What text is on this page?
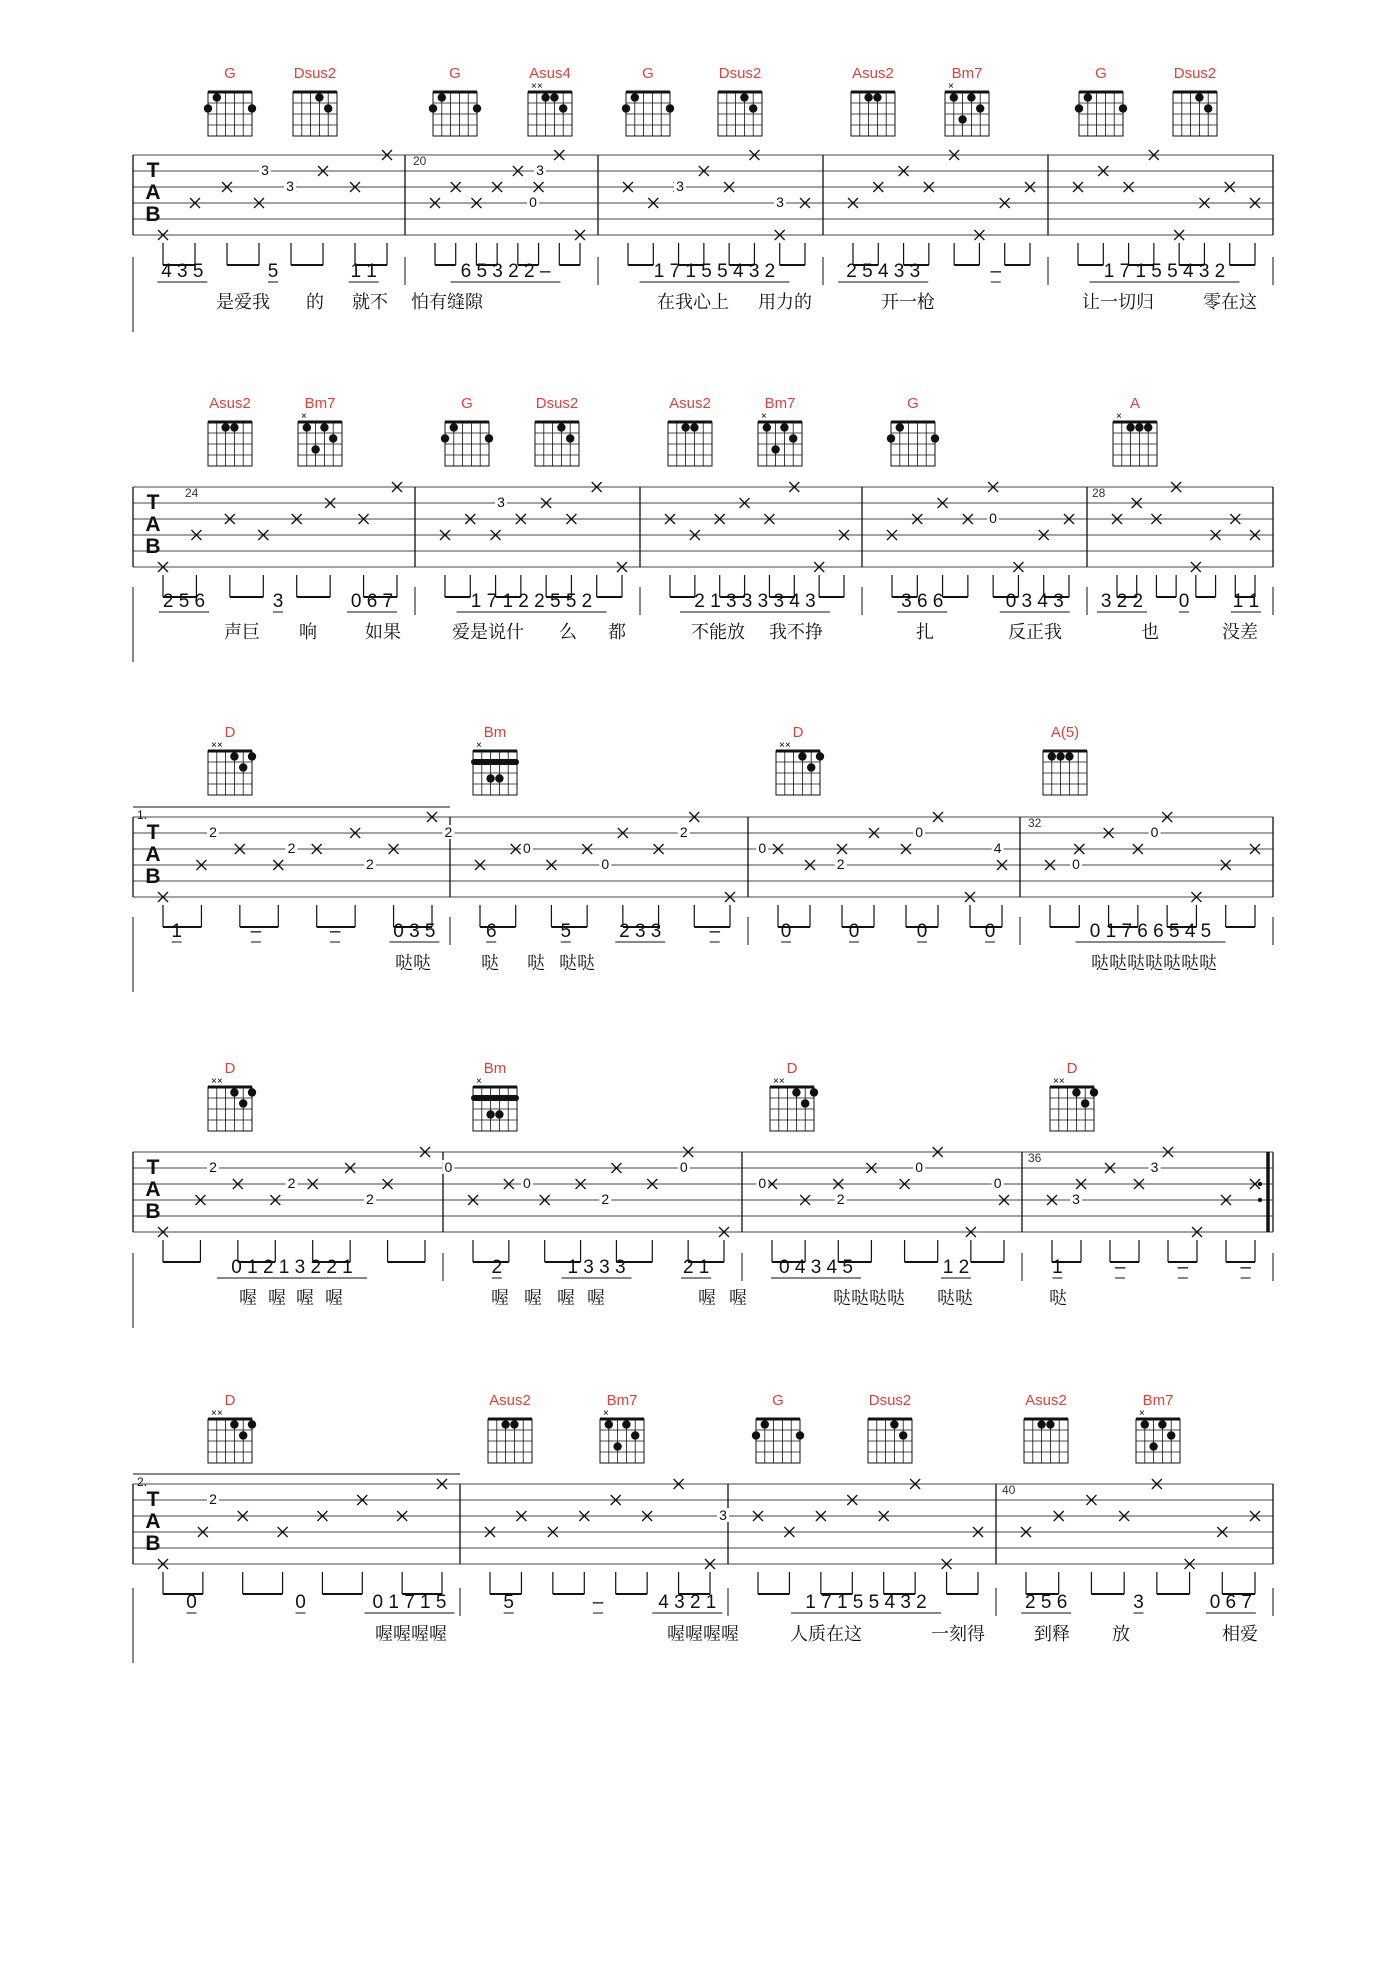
G	Dsus2	G	Asus4
××
G	Dsus2	Asus2	Bm7
×
G	Dsus2
T
A
B
20
3
3
0
3
3
3
4 3 5	5	1 1	6 5 3 2 2 –	1 7 1 5 5 4 3 2	2 5 4 3 3	–	1 7 1 5 5 4 3 2
是爱我 的 就不 怕有缝隙	在我心上 用力的	开一枪	让一切归	零在这
Asus2	Bm7
×
G	Dsus2	Asus2	Bm7
×
G	A
×
T
A
B
24	28
3
0
2 5 6	3	0 6 7	1 7 1 2 2 5 5 2	2 1 3 3 3 3 4 3	3 6 6	0 3 4 3 3 2 2 0 1 1
声巨 响	如果	爱是说什 么 都	不能放 我不挣	扎	反正我	也	没差
D
××
Bm
×
D
××
A(5)
T
A
B
32
1.
2
2
2
2
0
0
2
0
2
0
4
0
0
1	–	–	0 3 5	6	5	2 3 3	–	0	0	0	0	0 1 7 6 6 5 4 5
哒哒	哒 哒 哒哒	哒哒哒哒哒哒哒
D
××
Bm
×
D
××
D
××
T
A
B
36
2
2
2
0
0
2
0
0
2
0
0
3
3
0 1 2 1 3 2 2 1	2	1 3 3 3	2 1	0 4 3 4 5	1 2	1	–	–	–
喔 喔 喔 喔	喔 喔 喔 喔	喔 喔	哒哒哒哒 哒哒	哒
D
××
Asus2	Bm7
×
G	Dsus2	Asus2	Bm7
×
T
A
B
40
2.
2
3
0	0	0 1 7 1 5	5	–	4 3 2 1	1 7 1 5 5 4 3 2	2 5 6	3	0 6 7
喔喔喔喔	喔喔喔喔	人质在这	一刻得	到释 放	相爱
